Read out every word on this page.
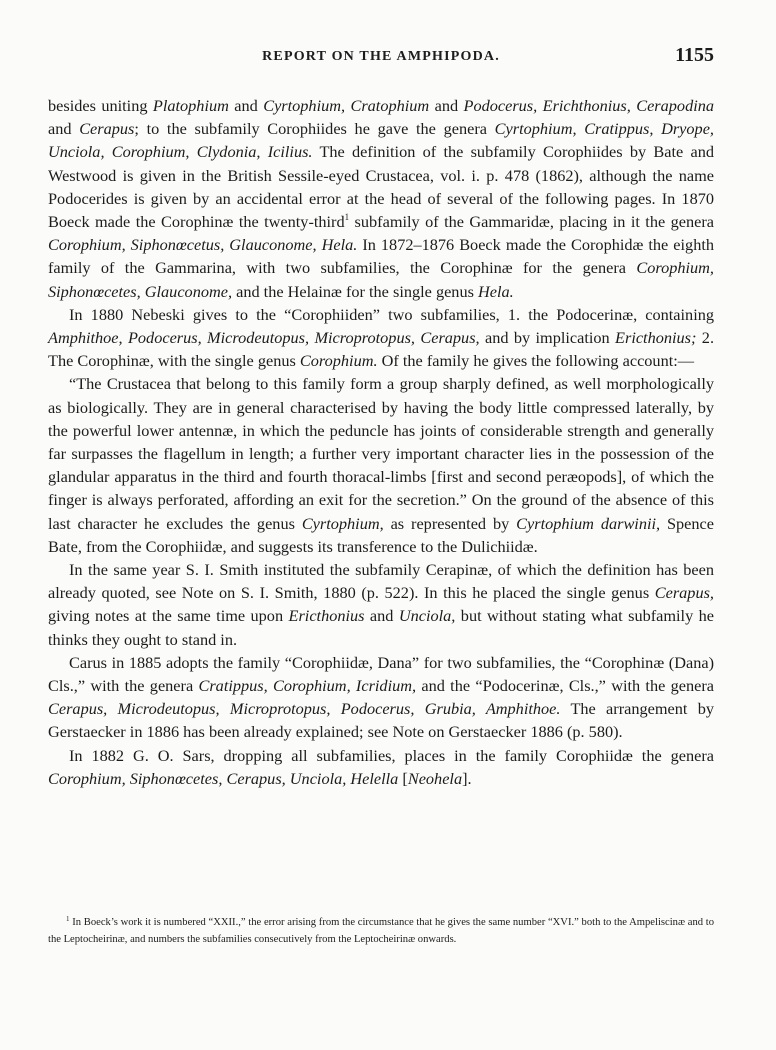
REPORT ON THE AMPHIPODA.	1155

besides uniting Platophium and Cyrtophium, Cratophium and Podocerus, Erichthonius, Cerapodina and Cerapus; to the subfamily Corophiides he gave the genera Cyrtophium, Cratippus, Dryope, Unciola, Corophium, Clydonia, Icilius. The definition of the subfamily Corophiides by Bate and Westwood is given in the British Sessile-eyed Crustacea, vol. i. p. 478 (1862), although the name Podocerides is given by an accidental error at the head of several of the following pages. In 1870 Boeck made the Corophinæ the twenty-third$^1$ subfamily of the Gammaridæ, placing in it the genera Corophium, Siphonœcetus, Glauconome, Hela. In 1872–1876 Boeck made the Corophidæ the eighth family of the Gammarina, with two subfamilies, the Corophinæ for the genera Corophium, Siphonœcetes, Glauconome, and the Helainæ for the single genus Hela.

In 1880 Nebeski gives to the “Corophiiden” two subfamilies, 1. the Podocerinæ, containing Amphithoe, Podocerus, Microdeutopus, Microprotopus, Cerapus, and by implication Ericthonius; 2. The Corophinæ, with the single genus Corophium. Of the family he gives the following account:—

“The Crustacea that belong to this family form a group sharply defined, as well morphologically as biologically. They are in general characterised by having the body little compressed laterally, by the powerful lower antennæ, in which the peduncle has joints of considerable strength and generally far surpasses the flagellum in length; a further very important character lies in the possession of the glandular apparatus in the third and fourth thoracal-limbs [first and second peræopods], of which the finger is always perforated, affording an exit for the secretion.” On the ground of the absence of this last character he excludes the genus Cyrtophium, as represented by Cyrtophium darwinii, Spence Bate, from the Corophiidæ, and suggests its transference to the Dulichiidæ.

In the same year S. I. Smith instituted the subfamily Cerapinæ, of which the definition has been already quoted, see Note on S. I. Smith, 1880 (p. 522). In this he placed the single genus Cerapus, giving notes at the same time upon Ericthonius and Unciola, but without stating what subfamily he thinks they ought to stand in.

Carus in 1885 adopts the family “Corophiidæ, Dana” for two subfamilies, the “Corophinæ (Dana) Cls.,” with the genera Cratippus, Corophium, Icridium, and the “Podocerinæ, Cls.,” with the genera Cerapus, Microdeutopus, Microprotopus, Podocerus, Grubia, Amphithoe. The arrangement by Gerstaecker in 1886 has been already explained; see Note on Gerstaecker 1886 (p. 580).

In 1882 G. O. Sars, dropping all subfamilies, places in the family Corophiidæ the genera Corophium, Siphonœcetes, Cerapus, Unciola, Helella [Neohela].

$^1$ In Boeck’s work it is numbered “XXII.,” the error arising from the circumstance that he gives the same number “XVI.” both to the Ampeliscinæ and to the Leptocheirinæ, and numbers the subfamilies consecutively from the Leptocheirinæ onwards.
